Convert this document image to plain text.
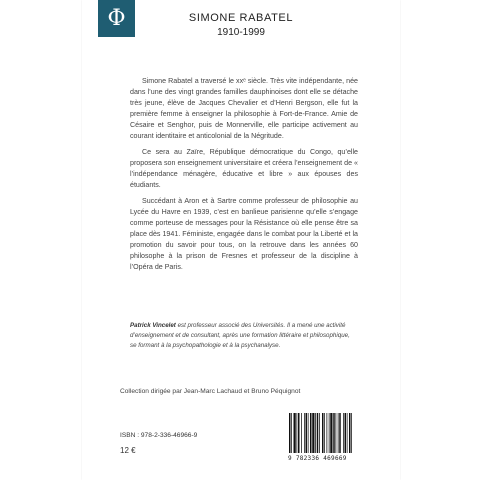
Φ	SIMONE RABATEL
1910-1999

Simone Rabatel a traversé le xxᵉ siècle. Très vite indépendante, née dans l’une des vingt grandes familles dauphinoises dont elle se détache très jeune, élève de Jacques Chevalier et d’Henri Bergson, elle fut la première femme à enseigner la philosophie à Fort-de-France. Amie de Césaire et Senghor, puis de Monnerville, elle participe activement au courant identitaire et anticolonial de la Négritude.

Ce sera au Zaïre, République démocratique du Congo, qu’elle proposera son enseignement universitaire et créera l’enseignement de « l’indépendance ménagère, éducative et libre » aux épouses des étudiants.

Succédant à Aron et à Sartre comme professeur de philosophie au Lycée du Havre en 1939, c’est en banlieue parisienne qu’elle s’engage comme porteuse de messages pour la Résistance où elle pense être sa place dès 1941. Féministe, engagée dans le combat pour la Liberté et la promotion du savoir pour tous, on la retrouve dans les années 60 philosophe à la prison de Fresnes et professeur de la discipline à l’Opéra de Paris.

Patrick Vincelet est professeur associé des Universités. Il a mené une activité d’enseignement et de consultant, après une formation littéraire et philosophique, se formant à la psychopathologie et à la psychanalyse.
Collection dirigée par Jean-Marc Lachaud et Bruno Péquignot
ISBN : 978-2-336-46966-9
12 €
9 782336 469669
